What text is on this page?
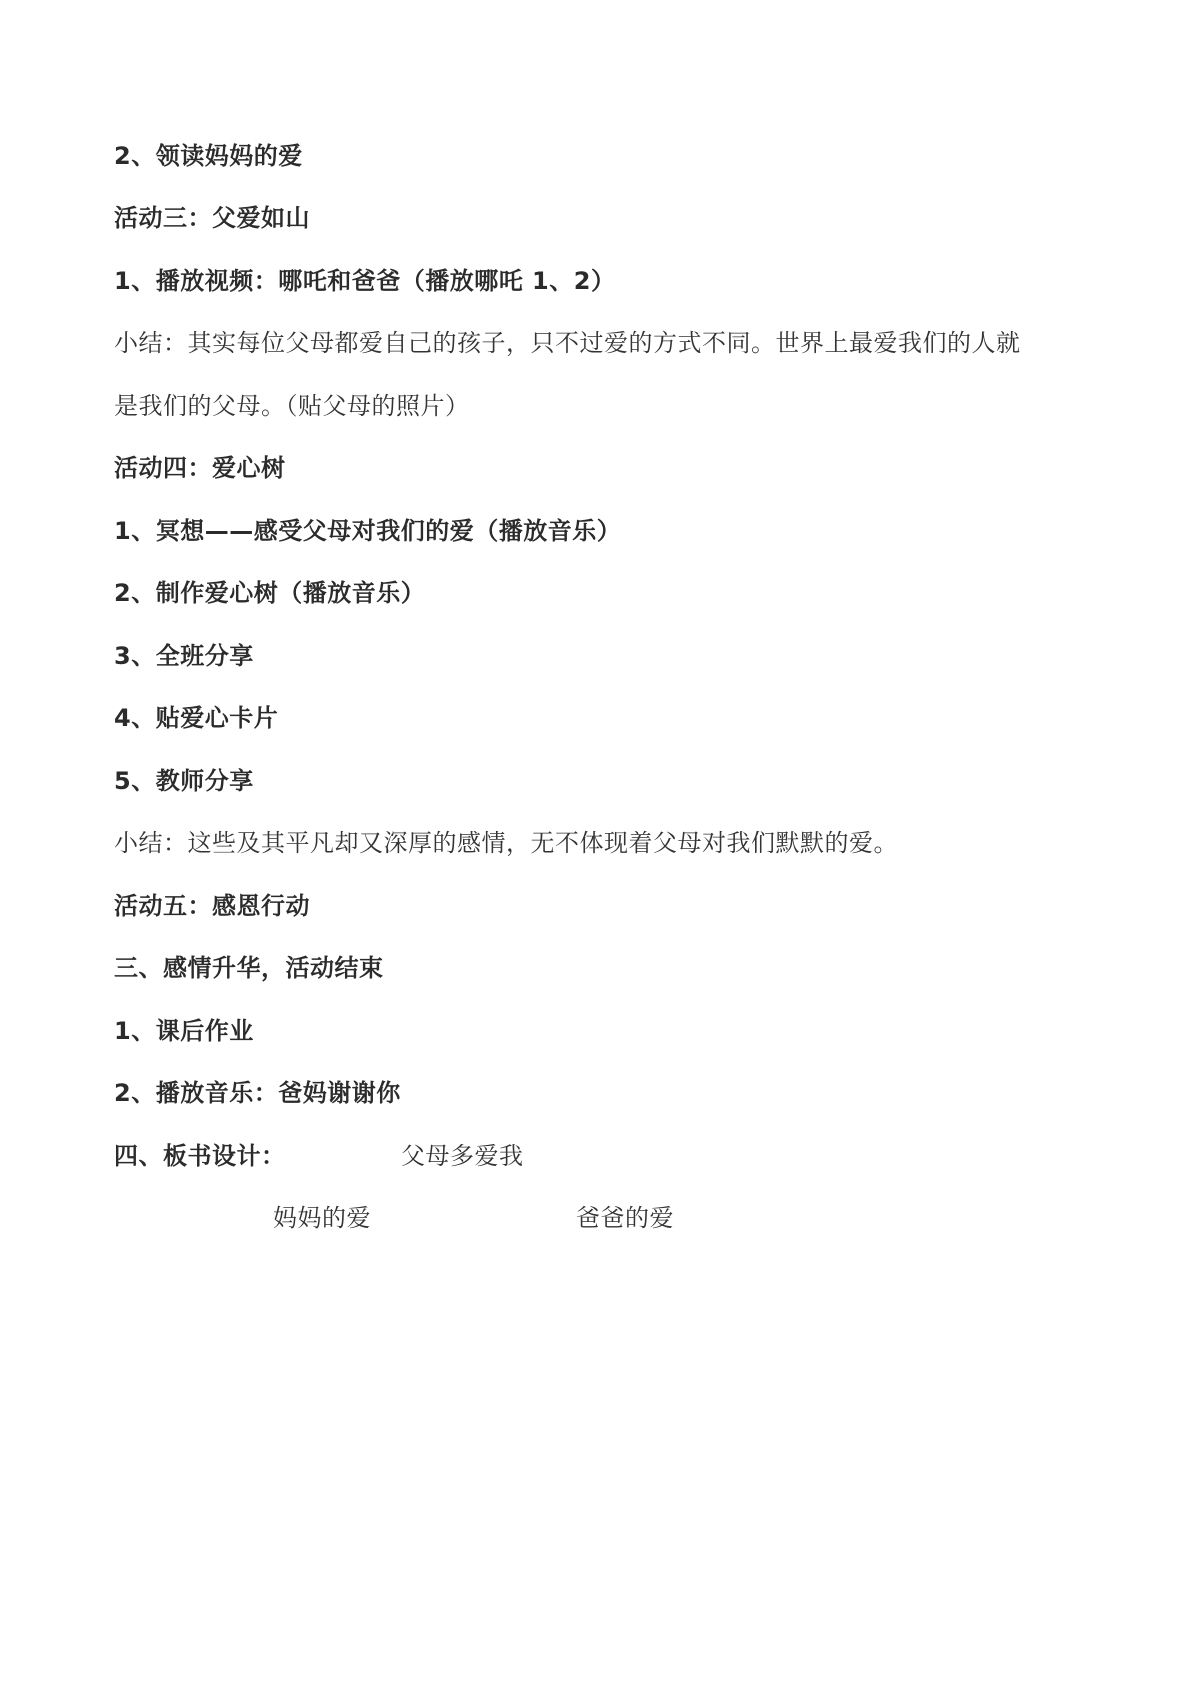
2、领读妈妈的爱
活动三：父爱如山
1、播放视频：哪吒和爸爸（播放哪吒 1、2）
小结：其实每位父母都爱自己的孩子，只不过爱的方式不同。世界上最爱我们的人就
是我们的父母。（贴父母的照片）
活动四：爱心树
1、冥想——感受父母对我们的爱（播放音乐）
2、制作爱心树（播放音乐）
3、全班分享
4、贴爱心卡片
5、教师分享
小结：这些及其平凡却又深厚的感情，无不体现着父母对我们默默的爱。
活动五：感恩行动
三、感情升华，活动结束
1、课后作业
2、播放音乐：爸妈谢谢你
四、板书设计：	父母多爱我
妈妈的爱	爸爸的爱
